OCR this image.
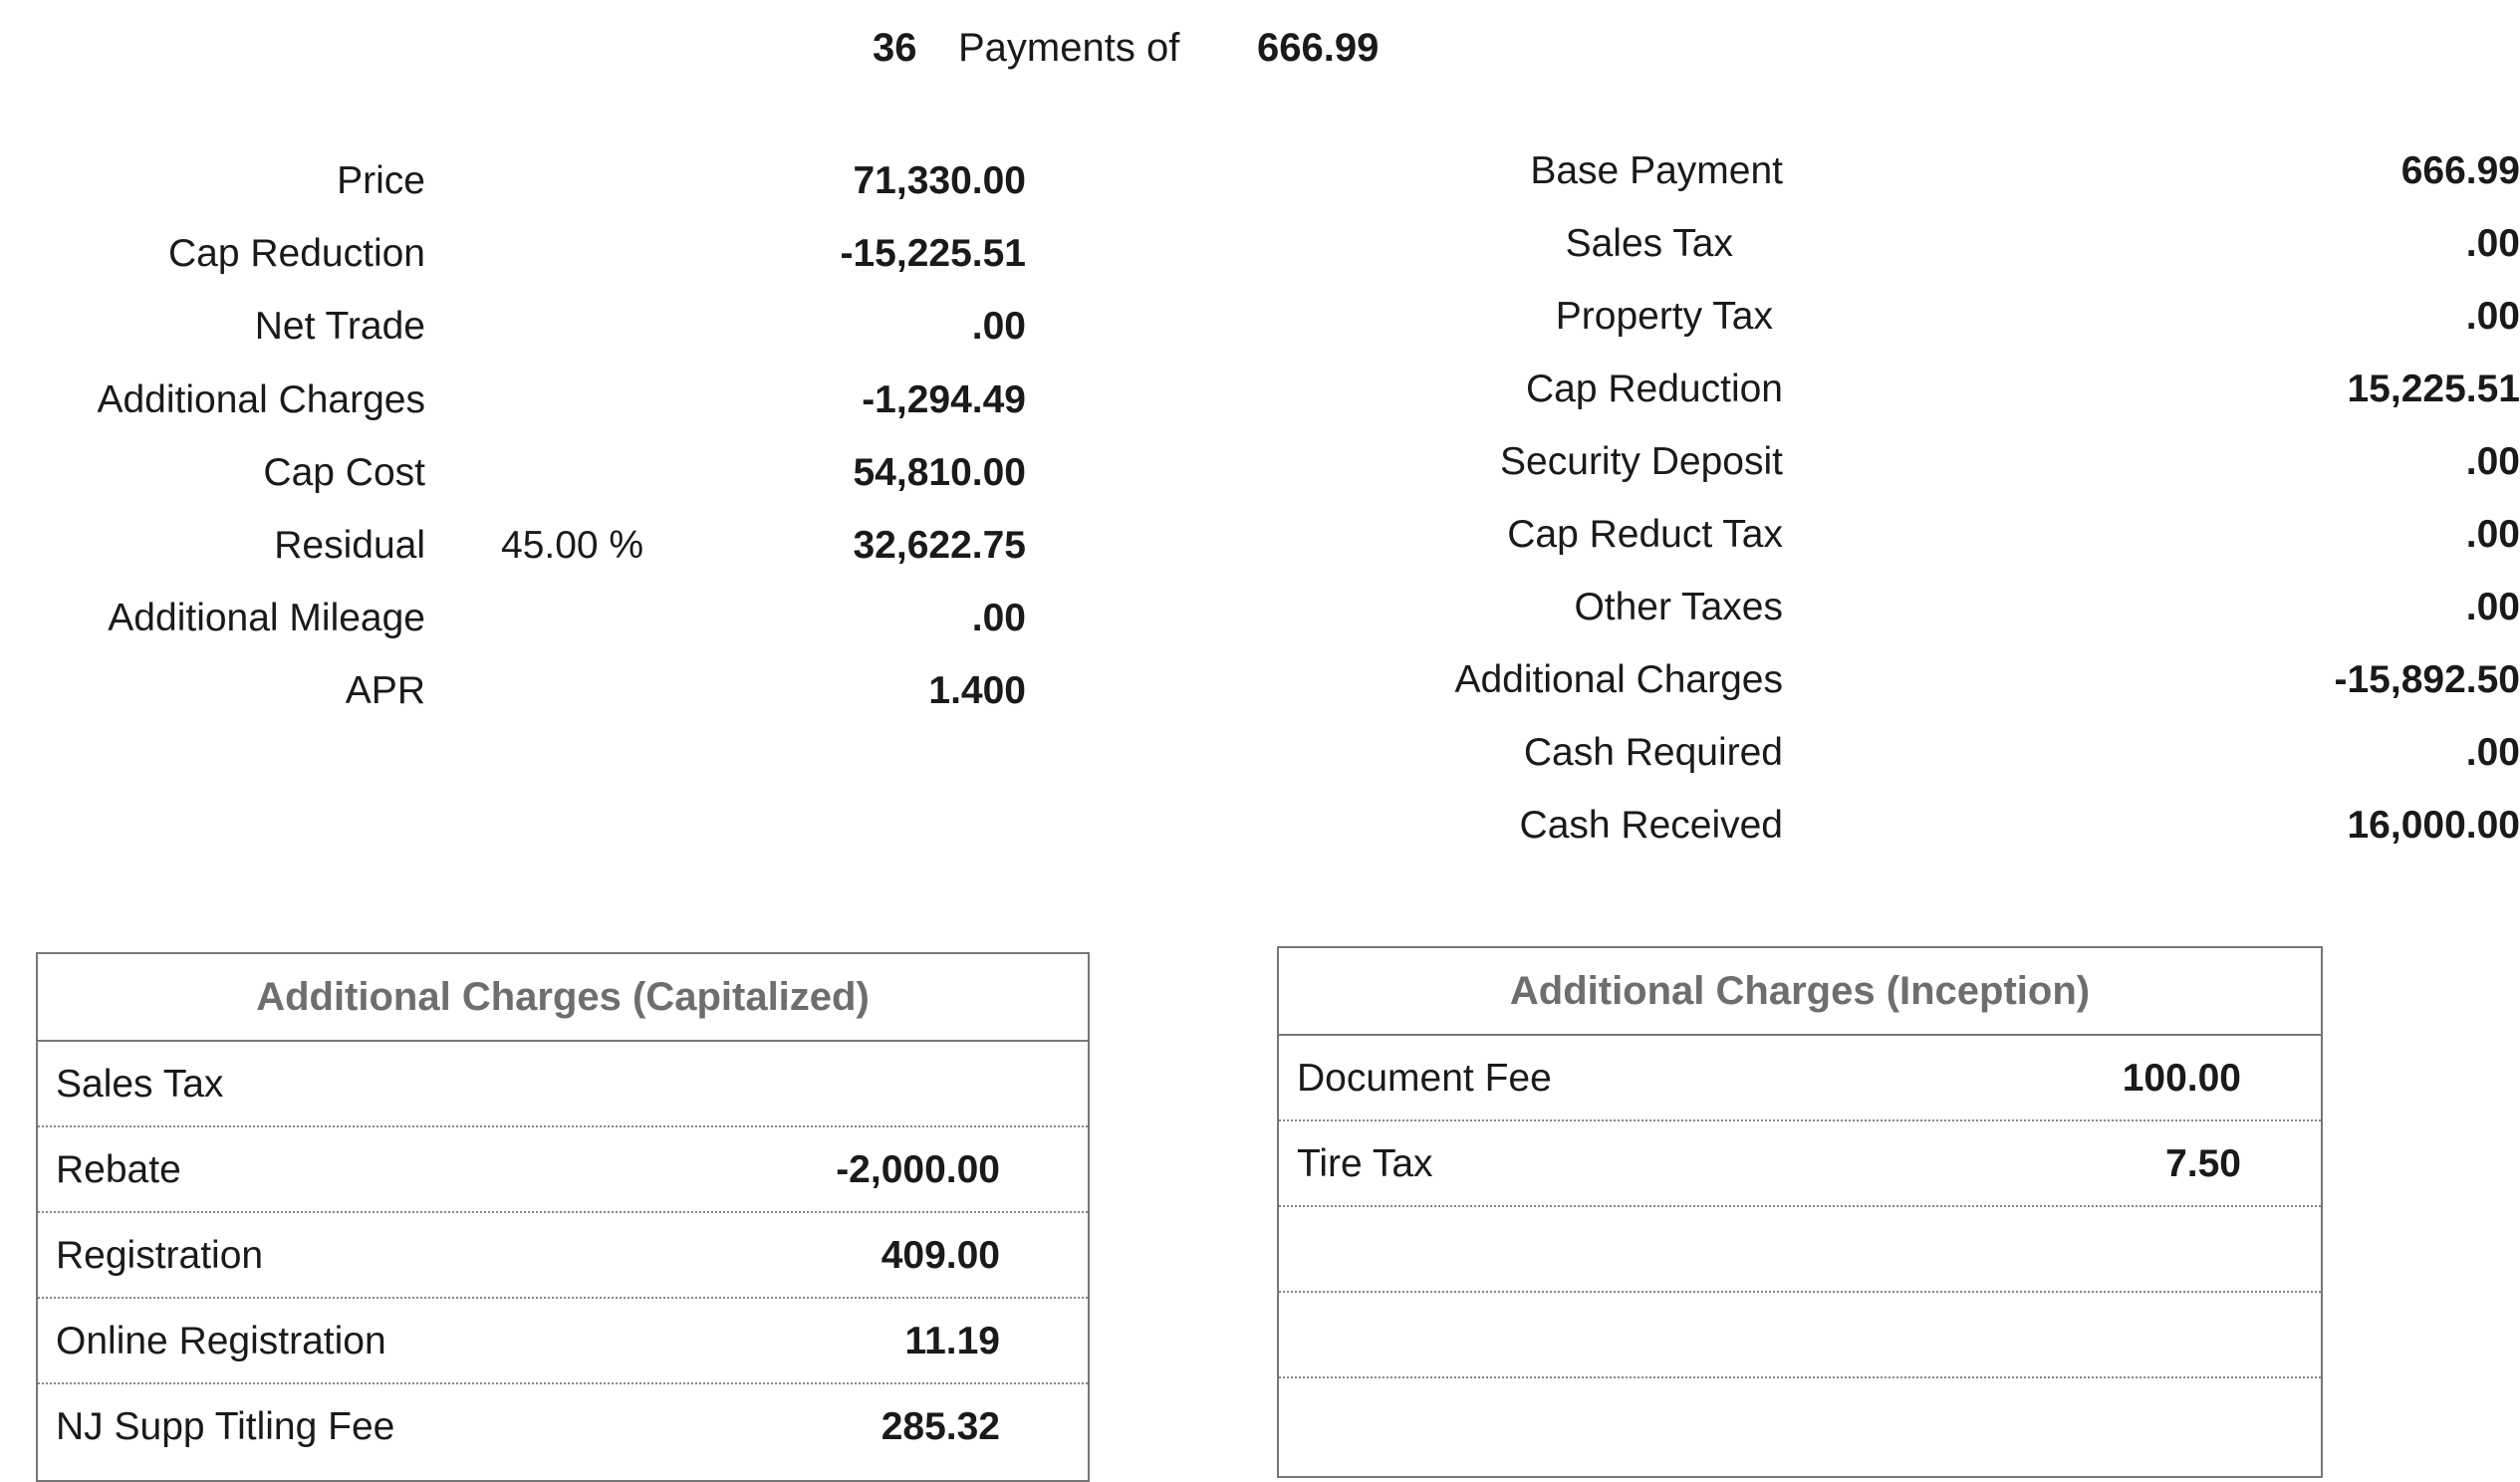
36 Payments of 666.99
Price	71,330.00
Cap Reduction	-15,225.51
Net Trade	.00
Additional Charges	-1,294.49
Cap Cost	54,810.00
Residual 45.00 %	32,622.75
Additional Mileage	.00
APR	1.400
Base Payment	666.99
Sales Tax	.00
Property Tax	.00
Cap Reduction	15,225.51
Security Deposit	.00
Cap Reduct Tax	.00
Other Taxes	.00
Additional Charges	-15,892.50
Cash Required	.00
Cash Received	16,000.00
Additional Charges (Capitalized)
Sales Tax
Rebate	-2,000.00
Registration	409.00
Online Registration	11.19
NJ Supp Titling Fee	285.32
Additional Charges (Inception)
Document Fee	100.00
Tire Tax	7.50
